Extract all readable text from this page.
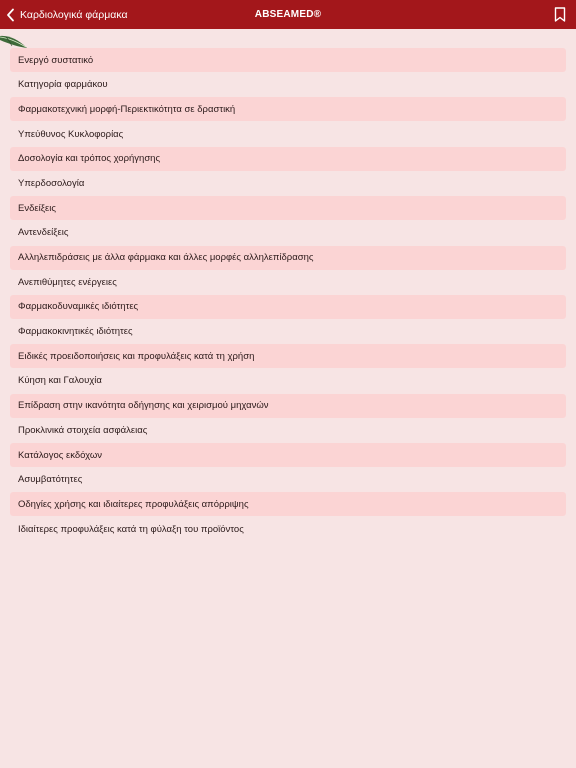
Καρδιολογικά φάρμακα	ABSEAMED®
Ενεργό συστατικό
Κατηγορία φαρμάκου
Φαρμακοτεχνική μορφή-Περιεκτικότητα σε δραστική
Υπεύθυνος Κυκλοφορίας
Δοσολογία και τρόπος χορήγησης
Υπερδοσολογία
Ενδείξεις
Αντενδείξεις
Αλληλεπιδράσεις με άλλα φάρμακα και άλλες μορφές αλληλεπίδρασης
Ανεπιθύμητες ενέργειες
Φαρμακοδυναμικές ιδιότητες
Φαρμακοκινητικές ιδιότητες
Ειδικές προειδοποιήσεις και προφυλάξεις κατά τη χρήση
Κύηση και Γαλουχία
Επίδραση στην ικανότητα οδήγησης και χειρισμού μηχανών
Προκλινικά στοιχεία ασφάλειας
Κατάλογος εκδόχων
Ασυμβατότητες
Οδηγίες χρήσης και ιδιαίτερες προφυλάξεις απόρριψης
Ιδιαίτερες προφυλάξεις κατά τη φύλαξη του προϊόντος
